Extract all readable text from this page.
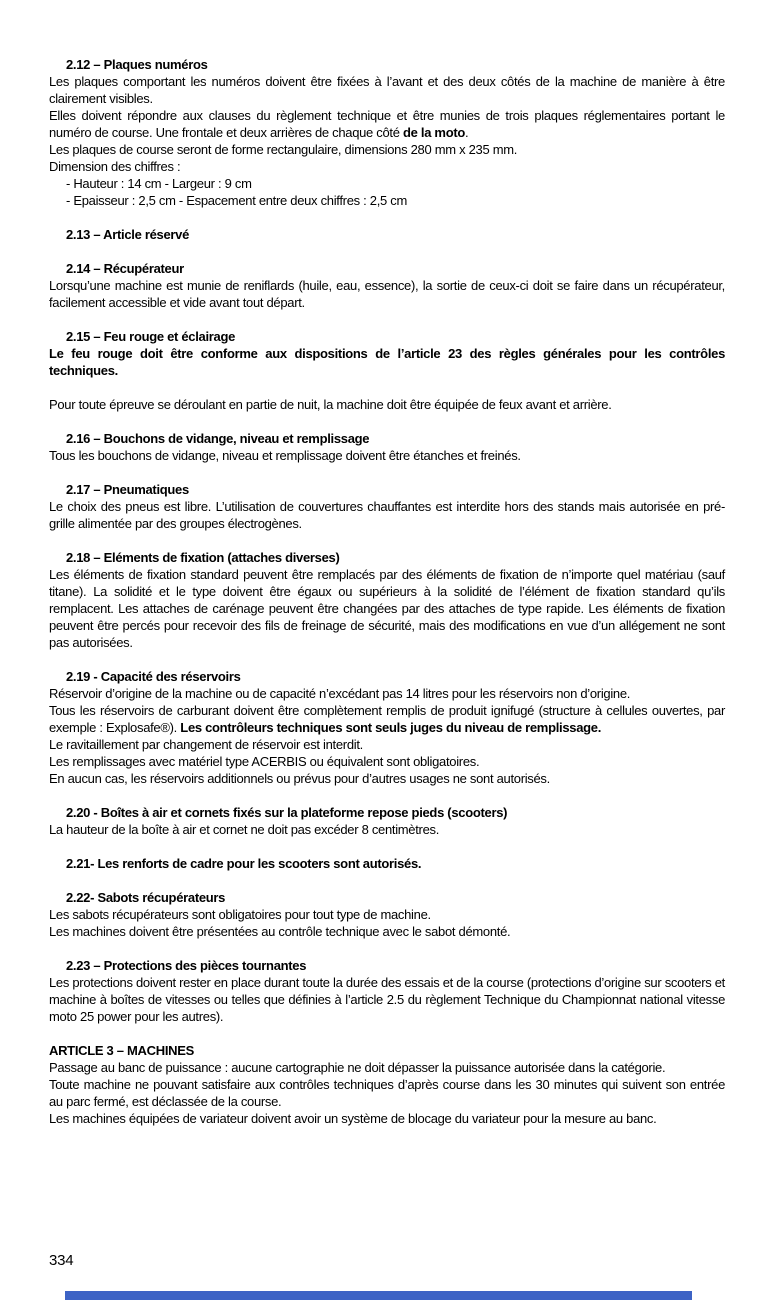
2.12 – Plaques numéros

Les plaques comportant les numéros doivent être fixées à l’avant et des deux côtés de la machine de manière à être clairement visibles.

Elles doivent répondre aux clauses du règlement technique et être munies de trois plaques réglementaires portant le numéro de course. Une frontale et deux arrières de chaque côté de la moto.

Les plaques de course seront de forme rectangulaire, dimensions 280 mm x 235 mm.

Dimension des chiffres :

- Hauteur : 14 cm - Largeur : 9 cm

- Epaisseur : 2,5 cm - Espacement entre deux chiffres : 2,5 cm

2.13 – Article réservé
2.14 – Récupérateur

Lorsqu’une machine est munie de reniflards (huile, eau, essence), la sortie de ceux-ci doit se faire dans un récupérateur, facilement accessible et vide avant tout départ.

2.15 – Feu rouge et éclairage

Le feu rouge doit être conforme aux dispositions de l’article 23 des règles générales pour les contrôles techniques.

Pour toute épreuve se déroulant en partie de nuit, la machine doit être équipée de feux avant et arrière.

2.16 – Bouchons de vidange, niveau et remplissage

Tous les bouchons de vidange, niveau et remplissage doivent être étanches et freinés.

2.17 – Pneumatiques

Le choix des pneus est libre. L’utilisation de couvertures chauffantes est interdite hors des stands mais autorisée en pré-grille alimentée par des groupes électrogènes.

2.18 – Eléments de fixation (attaches diverses)

Les éléments de fixation standard peuvent être remplacés par des éléments de fixation de n’importe quel matériau (sauf titane). La solidité et le type doivent être égaux ou supérieurs à la solidité de l’élément de fixation standard qu’ils remplacent. Les attaches de carénage peuvent être changées par des attaches de type rapide. Les éléments de fixation peuvent être percés pour recevoir des fils de freinage de sécurité, mais des modifications en vue d’un allégement ne sont pas autorisées.

2.19 - Capacité des réservoirs

Réservoir d’origine de la machine ou de capacité n’excédant pas 14 litres pour les réservoirs non d’origine.

Tous les réservoirs de carburant doivent être complètement remplis de produit ignifugé (structure à cellules ouvertes, par exemple : Explosafe®). Les contrôleurs techniques sont seuls juges du niveau de remplissage.

Le ravitaillement par changement de réservoir est interdit.

Les remplissages avec matériel type ACERBIS ou équivalent sont obligatoires.

En aucun cas, les réservoirs additionnels ou prévus pour d’autres usages ne sont autorisés.

2.20 - Boîtes à air et cornets fixés sur la plateforme repose pieds (scooters)

La hauteur de la boîte à air et cornet ne doit pas excéder 8 centimètres.

2.21- Les renforts de cadre pour les scooters sont autorisés.
2.22- Sabots récupérateurs

Les sabots récupérateurs sont obligatoires pour tout type de machine.

Les machines doivent être présentées au contrôle technique avec le sabot démonté.

2.23 – Protections des pièces tournantes

Les protections doivent rester en place durant toute la durée des essais et de la course (protections d’origine sur scooters et machine à boîtes de vitesses ou telles que définies à l’article 2.5 du règlement Technique du Championnat national vitesse moto 25 power pour les autres).

ARTICLE 3 – MACHINES

Passage au banc de puissance : aucune cartographie ne doit dépasser la puissance autorisée dans la catégorie.

Toute machine ne pouvant satisfaire aux contrôles techniques d’après course dans les 30 minutes qui suivent son entrée au parc fermé, est déclassée de la course.

Les machines équipées de variateur doivent avoir un système de blocage du variateur pour la mesure au banc.

334
